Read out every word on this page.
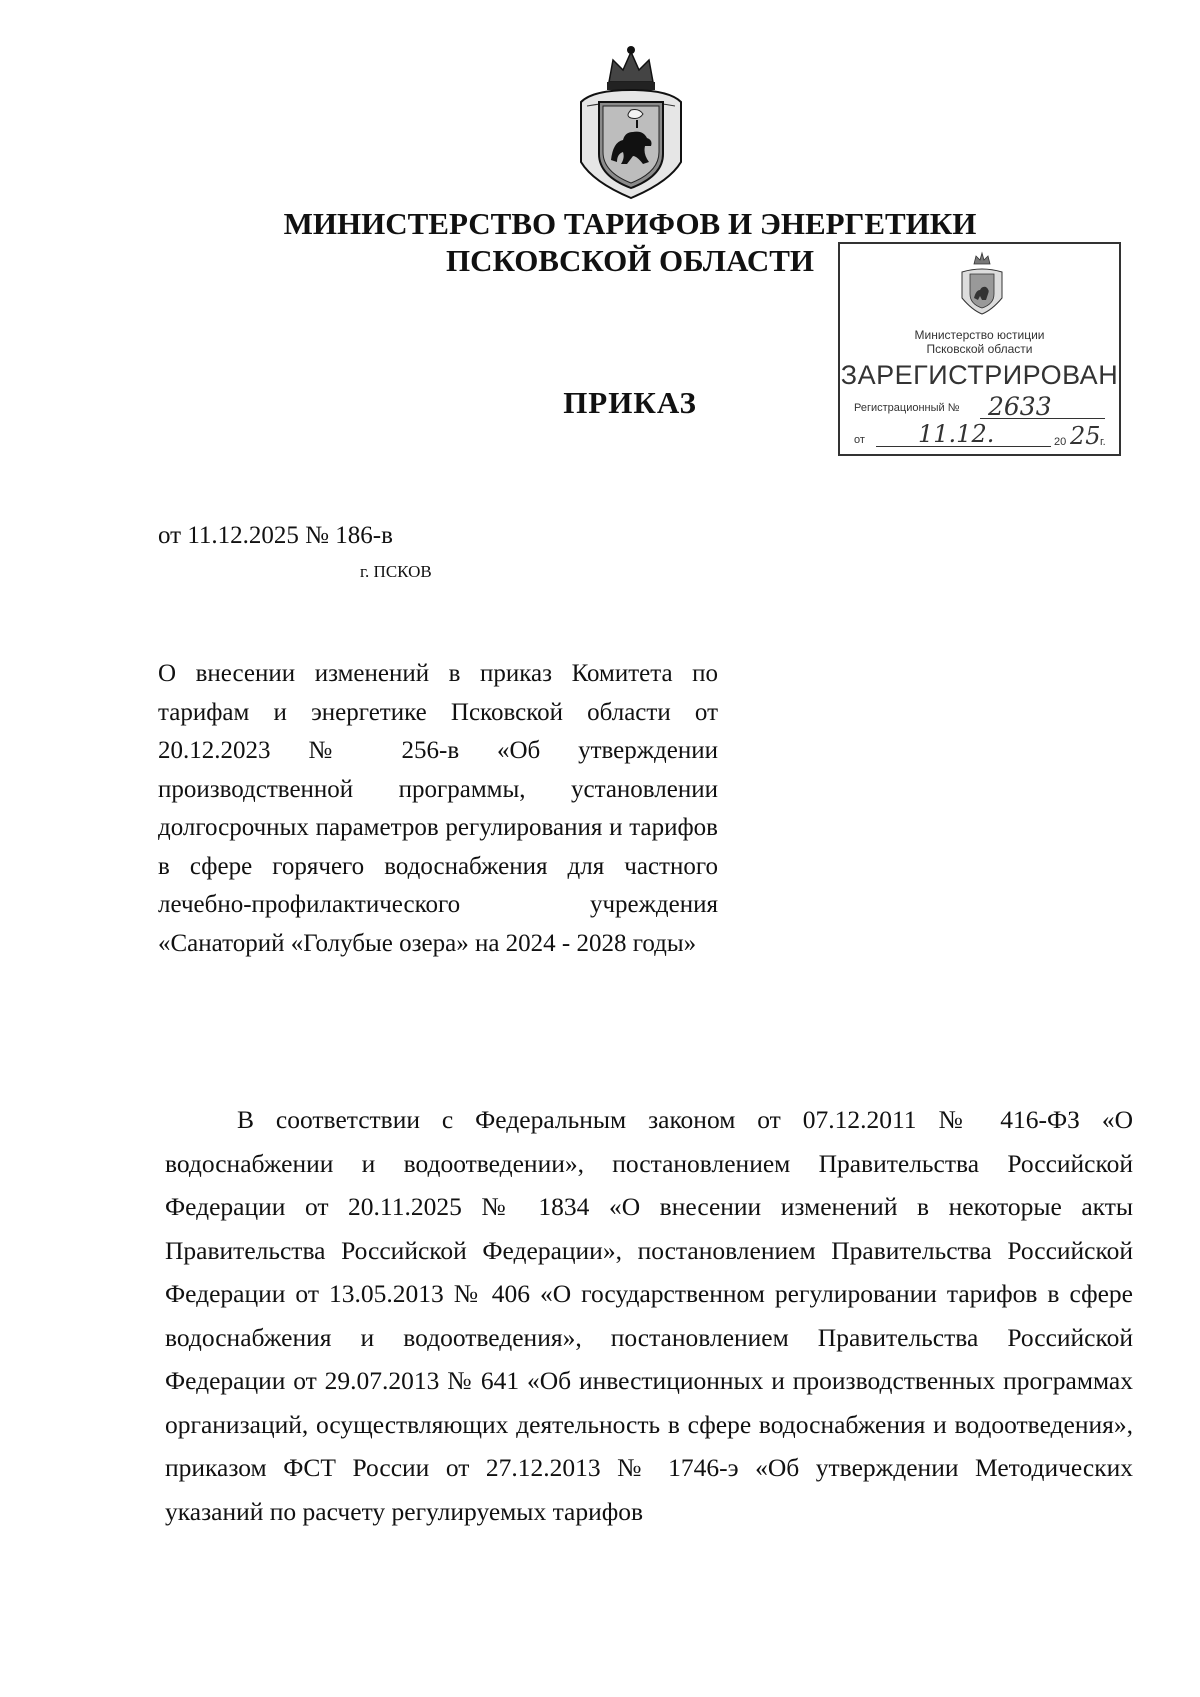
МИНИСТЕРСТВО ТАРИФОВ И ЭНЕРГЕТИКИ
ПСКОВСКОЙ ОБЛАСТИ
Министерство юстиции
Псковской области
ЗАРЕГИСТРИРОВАН
Регистрационный №	2633
от 11.12.	20 25 г.
ПРИКАЗ
от 11.12.2025 № 186-в
г. ПСКОВ
О внесении изменений в приказ Комитета по тарифам и энергетике Псковской области от 20.12.2023 № 256-в «Об утверждении производственной программы, установлении долгосрочных параметров регулирования и тарифов в сфере горячего водоснабжения для частного лечебно-профилактического учреждения «Санаторий «Голубые озера» на 2024 - 2028 годы»
В соответствии с Федеральным законом от 07.12.2011 № 416-ФЗ «О водоснабжении и водоотведении», постановлением Правительства Российской Федерации от 20.11.2025 № 1834 «О внесении изменений в некоторые акты Правительства Российской Федерации», постановлением Правительства Российской Федерации от 13.05.2013 № 406 «О государственном регулировании тарифов в сфере водоснабжения и водоотведения», постановлением Правительства Российской Федерации от 29.07.2013 № 641 «Об инвестиционных и производственных программах организаций, осуществляющих деятельность в сфере водоснабжения и водоотведения», приказом ФСТ России от 27.12.2013 № 1746-э «Об утверждении Методических указаний по расчету регулируемых тарифов
